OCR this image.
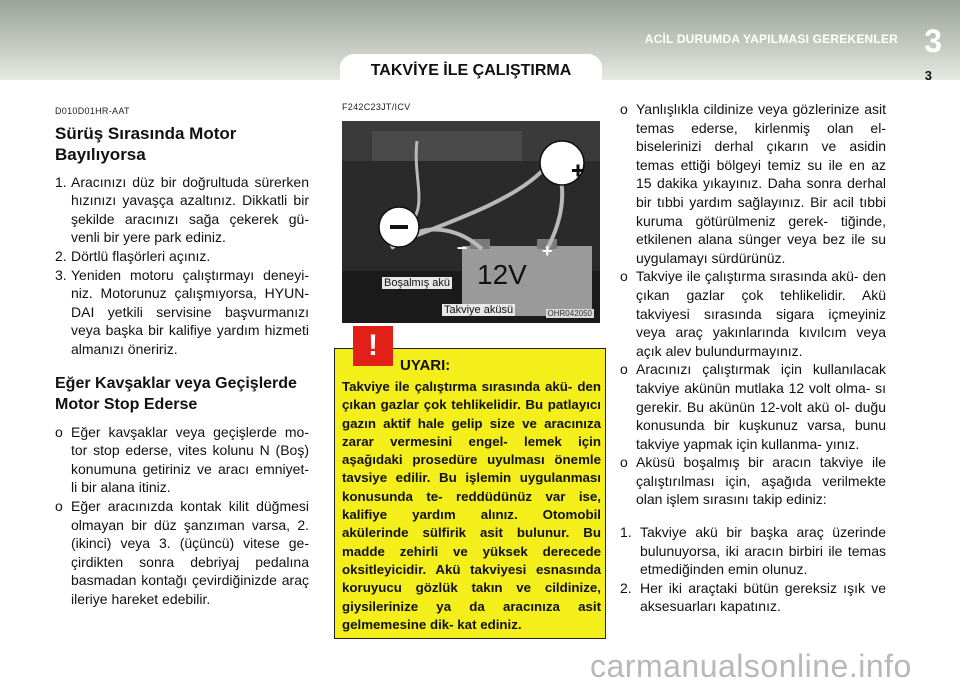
ACİL DURUMDA YAPILMASI GEREKENLER 3
3
TAKVİYE İLE ÇALIŞTIRMA

D010D01HR-AAT

Sürüş Sırasında Motor Bayılıyorsa

1. Aracınızı düz bir doğrultuda sürerken hızınızı yavaşça azaltınız. Dikkatli bir şekilde aracınızı sağa çekerek gü- venli bir yere park ediniz.

2. Dörtlü flaşörleri açınız.

3. Yeniden motoru çalıştırmayı deneyi- niz. Motorunuz çalışmıyorsa, HYUN- DAI yetkili servisine başvurmanızı veya başka bir kalifiye yardım hizmeti almanızı öneririz.

Eğer Kavşaklar veya Geçişlerde Motor Stop Ederse

o Eğer kavşaklar veya geçişlerde mo- tor stop ederse, vites kolunu N (Boş) konumuna getiriniz ve aracı emniyet- li bir alana itiniz.

o Eğer aracınızda kontak kilit düğmesi olmayan bir düz şanzıman varsa, 2. (ikinci) veya 3. (üçüncü) vitese ge- çirdikten sonra debriyaj pedalına basmadan kontağı çevirdiğinizde araç ileriye hareket edebilir.

F242C23JT/ICV
12V
–	+
Boşalmış akü
Takviye aküsü	OHR042050
!
UYARI:

Takviye ile çalıştırma sırasında akü- den çıkan gazlar çok tehlikelidir. Bu patlayıcı gazın aktif hale gelip size ve aracınıza zarar vermesini engel- lemek için aşağıdaki prosedüre uyulması önemle tavsiye edilir. Bu işlemin uygulanması konusunda te- reddüdünüz var ise, kalifiye yardım alınız. Otomobil akülerinde sülfirik asit bulunur. Bu madde zehirli ve yüksek derecede oksitleyicidir. Akü takviyesi esnasında koruyucu gözlük takın ve cildinize, giysilerinize ya da aracınıza asit gelmemesine dik- kat ediniz.

o Yanlışlıkla cildinize veya gözlerinize asit temas ederse, kirlenmiş olan el- biselerinizi derhal çıkarın ve asidin temas ettiği bölgeyi temiz su ile en az 15 dakika yıkayınız. Daha sonra derhal bir tıbbi yardım sağlayınız. Bir acil tıbbi kuruma götürülmeniz gerek- tiğinde, etkilenen alana sünger veya bez ile su uygulamayı sürdürünüz.

o Takviye ile çalıştırma sırasında akü- den çıkan gazlar çok tehlikelidir. Akü takviyesi sırasında sigara içmeyiniz veya araç yakınlarında kıvılcım veya açık alev bulundurmayınız.

o Aracınızı çalıştırmak için kullanılacak takviye akünün mutlaka 12 volt olma- sı gerekir. Bu akünün 12-volt akü ol- duğu konusunda bir kuşkunuz varsa, bunu takviye yapmak için kullanma- yınız.

o Aküsü boşalmış bir aracın takviye ile çalıştırılması için, aşağıda verilmekte olan işlem sırasını takip ediniz:

1. Takviye akü bir başka araç üzerinde bulunuyorsa, iki aracın birbiri ile temas etmediğinden emin olunuz.

2. Her iki araçtaki bütün gereksiz ışık ve aksesuarları kapatınız.

carmanualsonline.info
